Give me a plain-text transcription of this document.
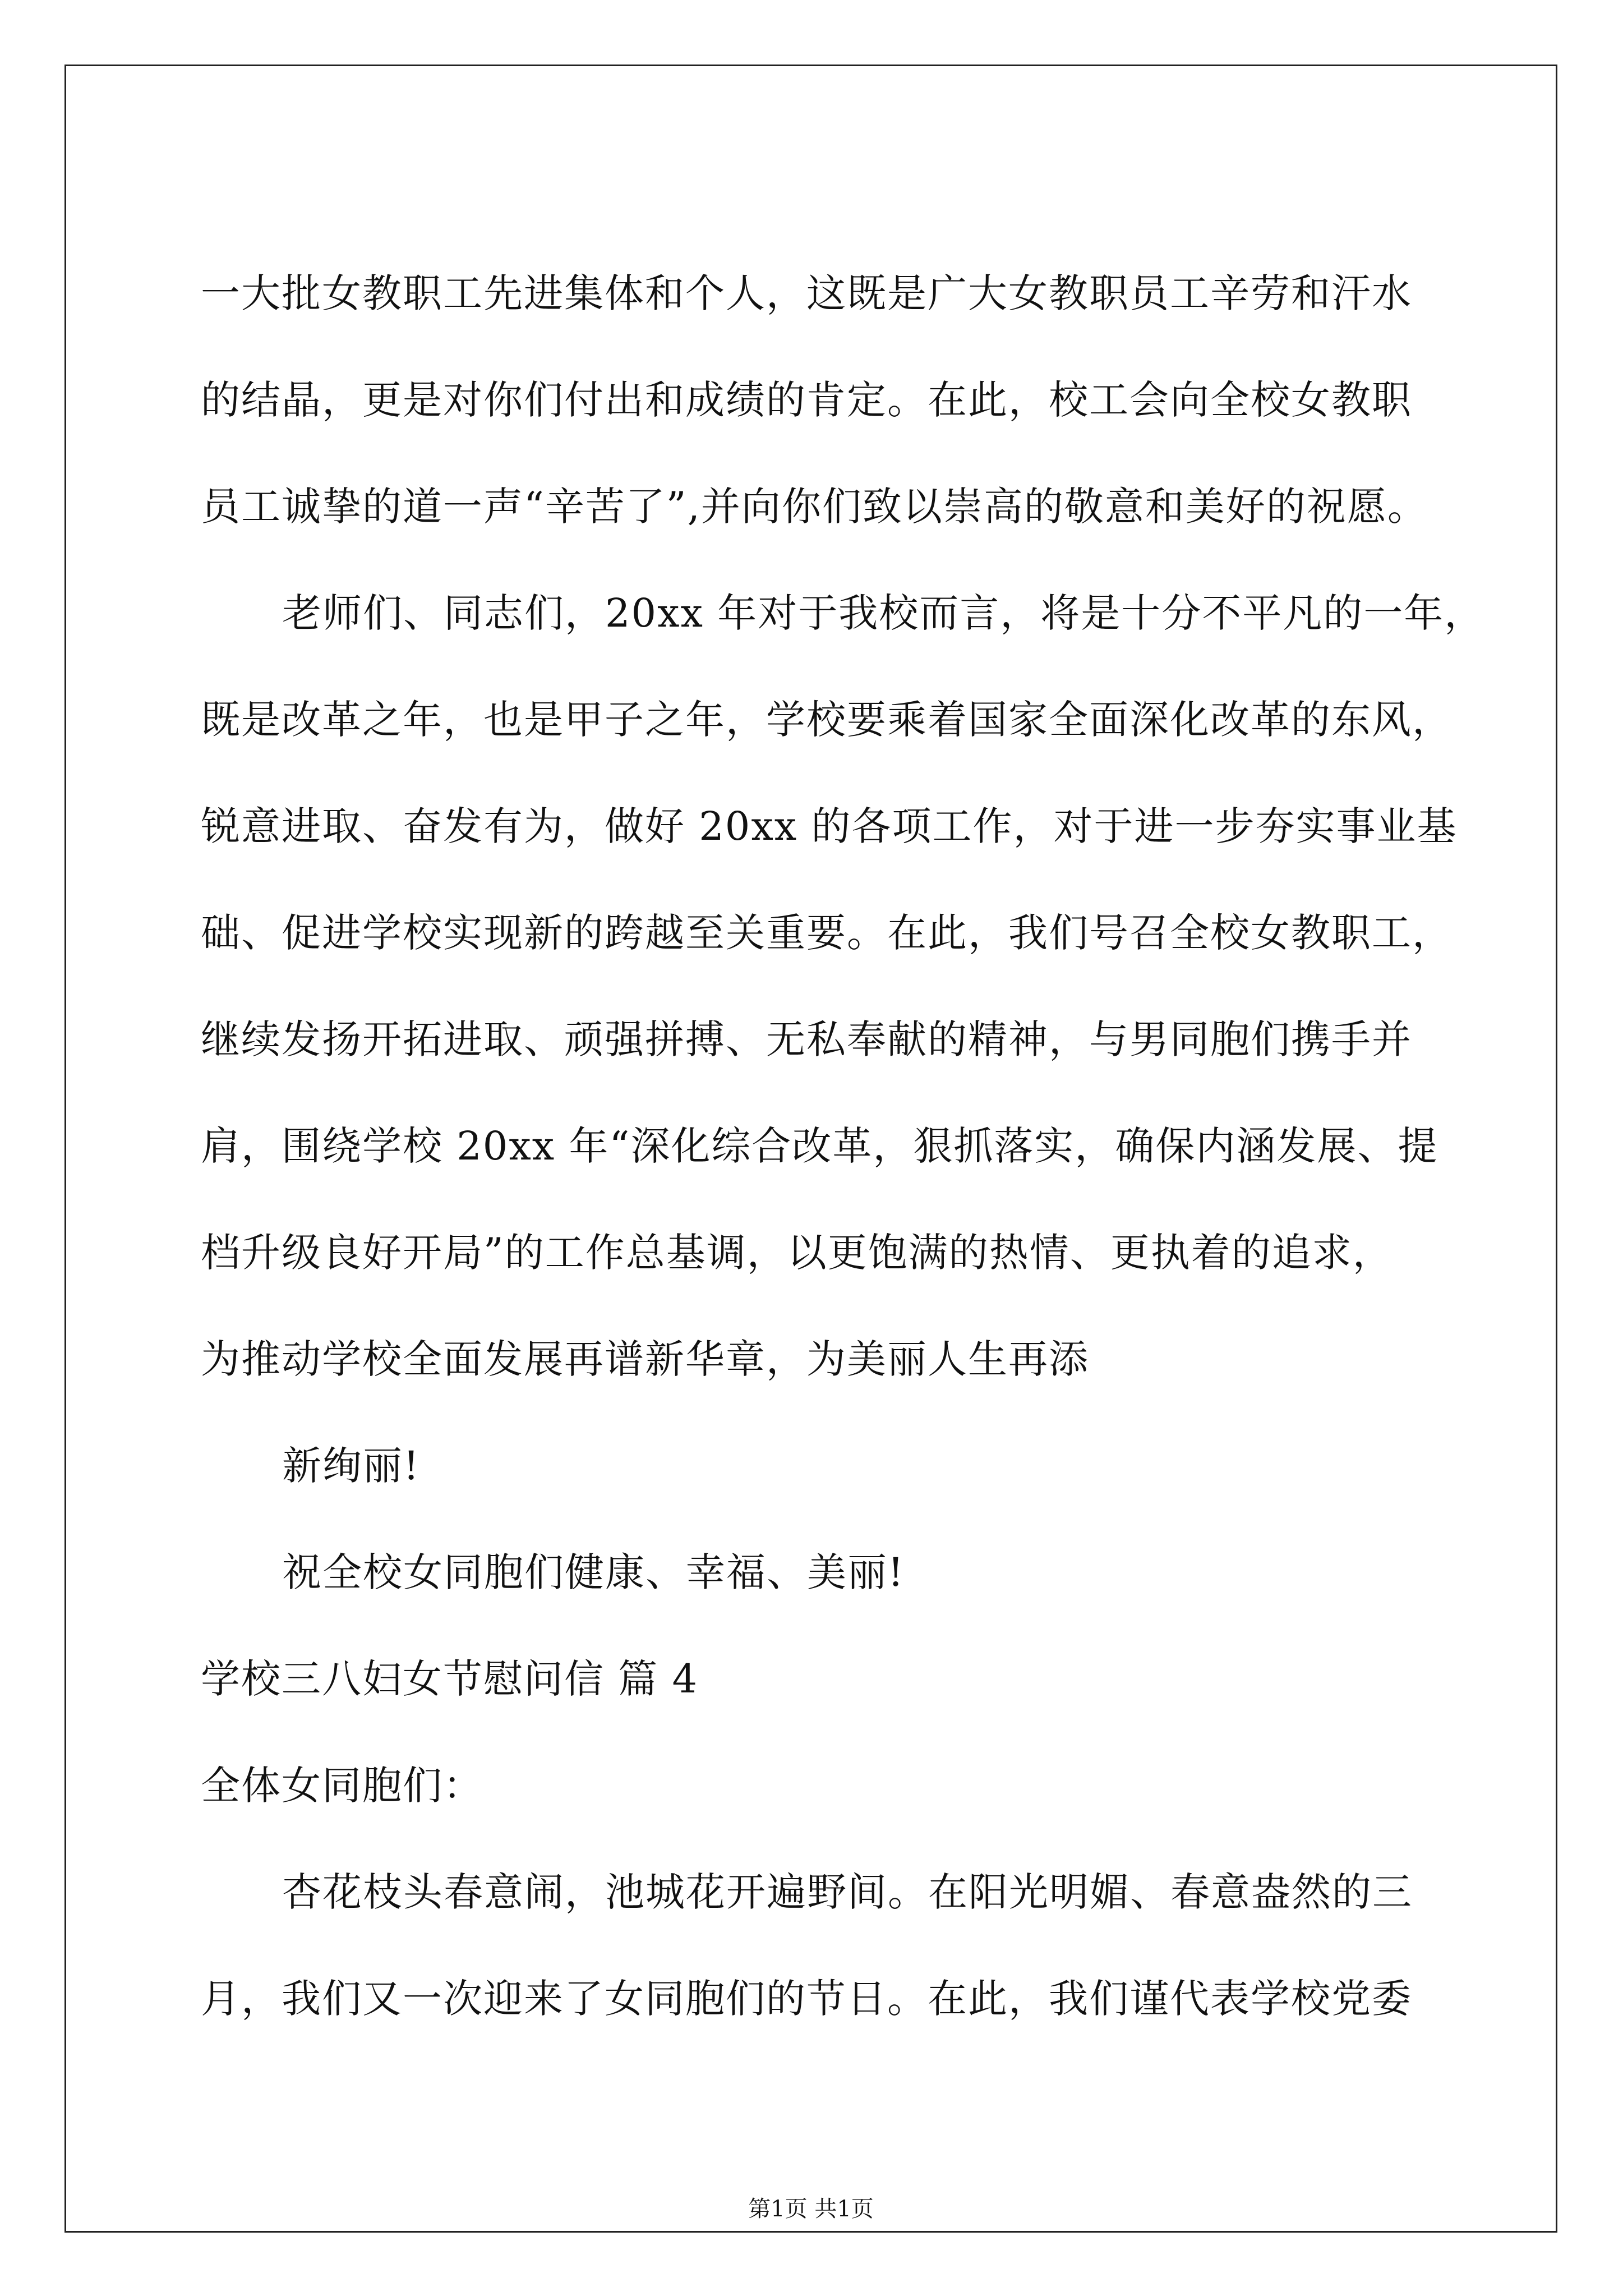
一大批女教职工先进集体和个人，这既是广大女教职员工辛劳和汗水
的结晶，更是对你们付出和成绩的肯定。在此，校工会向全校女教职
员工诚挚的道一声“辛苦了”,并向你们致以崇高的敬意和美好的祝愿。
老师们、同志们，20xx 年对于我校而言，将是十分不平凡的一年，
既是改革之年，也是甲子之年，学校要乘着国家全面深化改革的东风，
锐意进取、奋发有为，做好 20xx 的各项工作，对于进一步夯实事业基
础、促进学校实现新的跨越至关重要。在此，我们号召全校女教职工，
继续发扬开拓进取、顽强拼搏、无私奉献的精神，与男同胞们携手并
肩，围绕学校 20xx 年“深化综合改革，狠抓落实，确保内涵发展、提
档升级良好开局”的工作总基调，以更饱满的热情、更执着的追求，
为推动学校全面发展再谱新华章，为美丽人生再添
新绚丽!
祝全校女同胞们健康、幸福、美丽!
学校三八妇女节慰问信 篇 4
全体女同胞们：
杏花枝头春意闹，池城花开遍野间。在阳光明媚、春意盎然的三
月，我们又一次迎来了女同胞们的节日。在此，我们谨代表学校党委
第1页 共1页
